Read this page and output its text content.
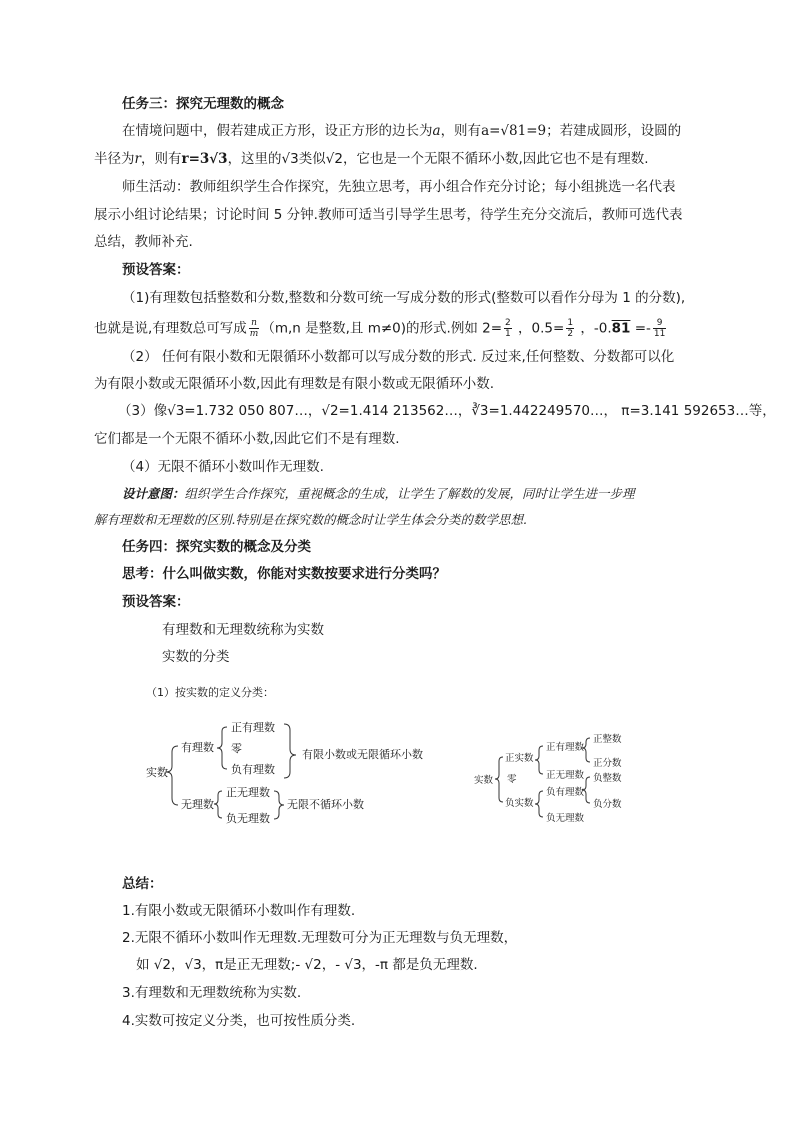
任务三：探究无理数的概念
在情境问题中，假若建成正方形，设正方形的边长为a，则有a=√81=9；若建成圆形，设圆的
半径为r，则有r=3√3，这里的√3类似√2，它也是一个无限不循环小数,因此它也不是有理数.
师生活动：教师组织学生合作探究，先独立思考，再小组合作充分讨论；每小组挑选一名代表
展示小组讨论结果；讨论时间 5 分钟.教师可适当引导学生思考，待学生充分交流后，教师可选代表
总结，教师补充.
预设答案：
（1)有理数包括整数和分数,整数和分数可统一写成分数的形式(整数可以看作分母为 1 的分数),
也就是说,有理数总可写成 $\frac{n}{m} (m,n$ 是整数,且 m≠0)的形式.例如 $2= \frac{2}{1}$ ，$0.5= \frac{1}{2}$ ，$-0.81 =- \frac{9}{11}$
（2） 任何有限小数和无限循环小数都可以写成分数的形式. 反过来,任何整数、分数都可以化
为有限小数或无限循环小数,因此有理数是有限小数或无限循环小数.
（3）像√3=1.732 050 807…，√2=1.414 213562…，∛3=1.442249570…， π=3.141 592653…等，
它们都是一个无限不循环小数,因此它们不是有理数.
（4）无限不循环小数叫作无理数.
设计意图：组织学生合作探究，重视概念的生成，让学生了解数的发展，同时让学生进一步理
解有理数和无理数的区别.特别是在探究数的概念时让学生体会分类的数学思想.
任务四：探究实数的概念及分类
思考：什么叫做实数，你能对实数按要求进行分类吗？
预设答案：
有理数和无理数统称为实数
实数的分类
（1）按实数的定义分类：
实数
有理数
正有理数
零
负有理数
有限小数或无限循环小数
无理数
正无理数
负无理数
无限不循环小数
实数
正实数
零
负实数
正有理数
正无理数
负有理数
负无理数
正整数
正分数
负整数
负分数
总结：
1.有限小数或无限循环小数叫作有理数.
2.无限不循环小数叫作无理数.无理数可分为正无理数与负无理数，
如 √2，√3，π是正无理数;- √2，- √3，-π 都是负无理数.
3.有理数和无理数统称为实数.
4.实数可按定义分类，也可按性质分类.
